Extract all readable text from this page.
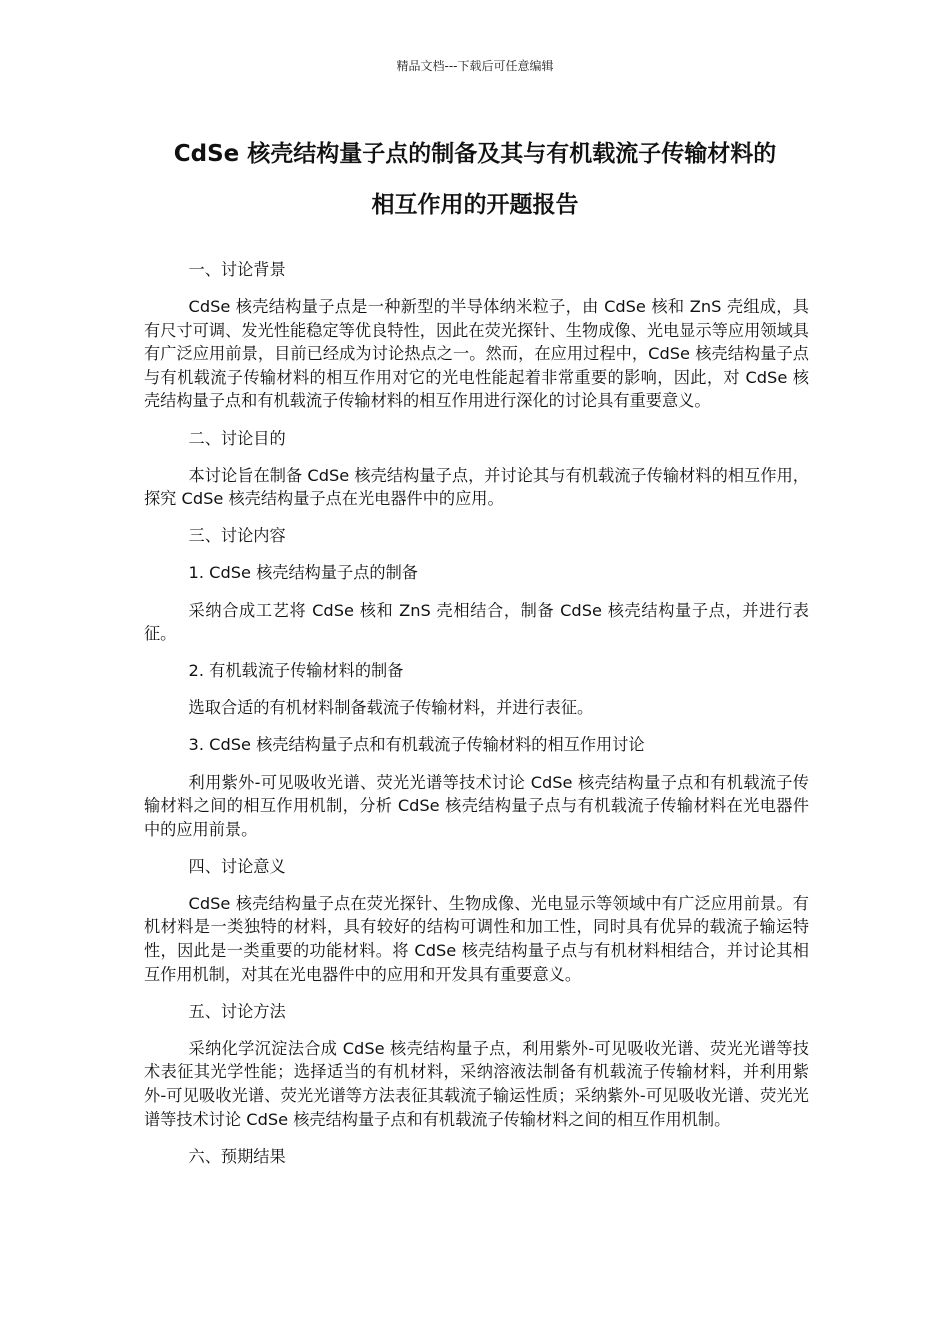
精品文档---下载后可任意编辑
CdSe 核壳结构量子点的制备及其与有机载流子传输材料的
相互作用的开题报告

一、讨论背景

CdSe 核壳结构量子点是一种新型的半导体纳米粒子，由 CdSe 核和 ZnS 壳组成，具有尺寸可调、发光性能稳定等优良特性，因此在荧光探针、生物成像、光电显示等应用领域具有广泛应用前景，目前已经成为讨论热点之一。然而，在应用过程中，CdSe 核壳结构量子点与有机载流子传输材料的相互作用对它的光电性能起着非常重要的影响，因此，对 CdSe 核壳结构量子点和有机载流子传输材料的相互作用进行深化的讨论具有重要意义。

二、讨论目的

本讨论旨在制备 CdSe 核壳结构量子点，并讨论其与有机载流子传输材料的相互作用，探究 CdSe 核壳结构量子点在光电器件中的应用。

三、讨论内容

1. CdSe 核壳结构量子点的制备

采纳合成工艺将 CdSe 核和 ZnS 壳相结合，制备 CdSe 核壳结构量子点，并进行表征。

2. 有机载流子传输材料的制备

选取合适的有机材料制备载流子传输材料，并进行表征。

3. CdSe 核壳结构量子点和有机载流子传输材料的相互作用讨论

利用紫外-可见吸收光谱、荧光光谱等技术讨论 CdSe 核壳结构量子点和有机载流子传输材料之间的相互作用机制，分析 CdSe 核壳结构量子点与有机载流子传输材料在光电器件中的应用前景。

四、讨论意义

CdSe 核壳结构量子点在荧光探针、生物成像、光电显示等领域中有广泛应用前景。有机材料是一类独特的材料，具有较好的结构可调性和加工性，同时具有优异的载流子输运特性，因此是一类重要的功能材料。将 CdSe 核壳结构量子点与有机材料相结合，并讨论其相互作用机制，对其在光电器件中的应用和开发具有重要意义。

五、讨论方法

采纳化学沉淀法合成 CdSe 核壳结构量子点，利用紫外-可见吸收光谱、荧光光谱等技术表征其光学性能；选择适当的有机材料，采纳溶液法制备有机载流子传输材料，并利用紫外-可见吸收光谱、荧光光谱等方法表征其载流子输运性质；采纳紫外-可见吸收光谱、荧光光谱等技术讨论 CdSe 核壳结构量子点和有机载流子传输材料之间的相互作用机制。

六、预期结果
